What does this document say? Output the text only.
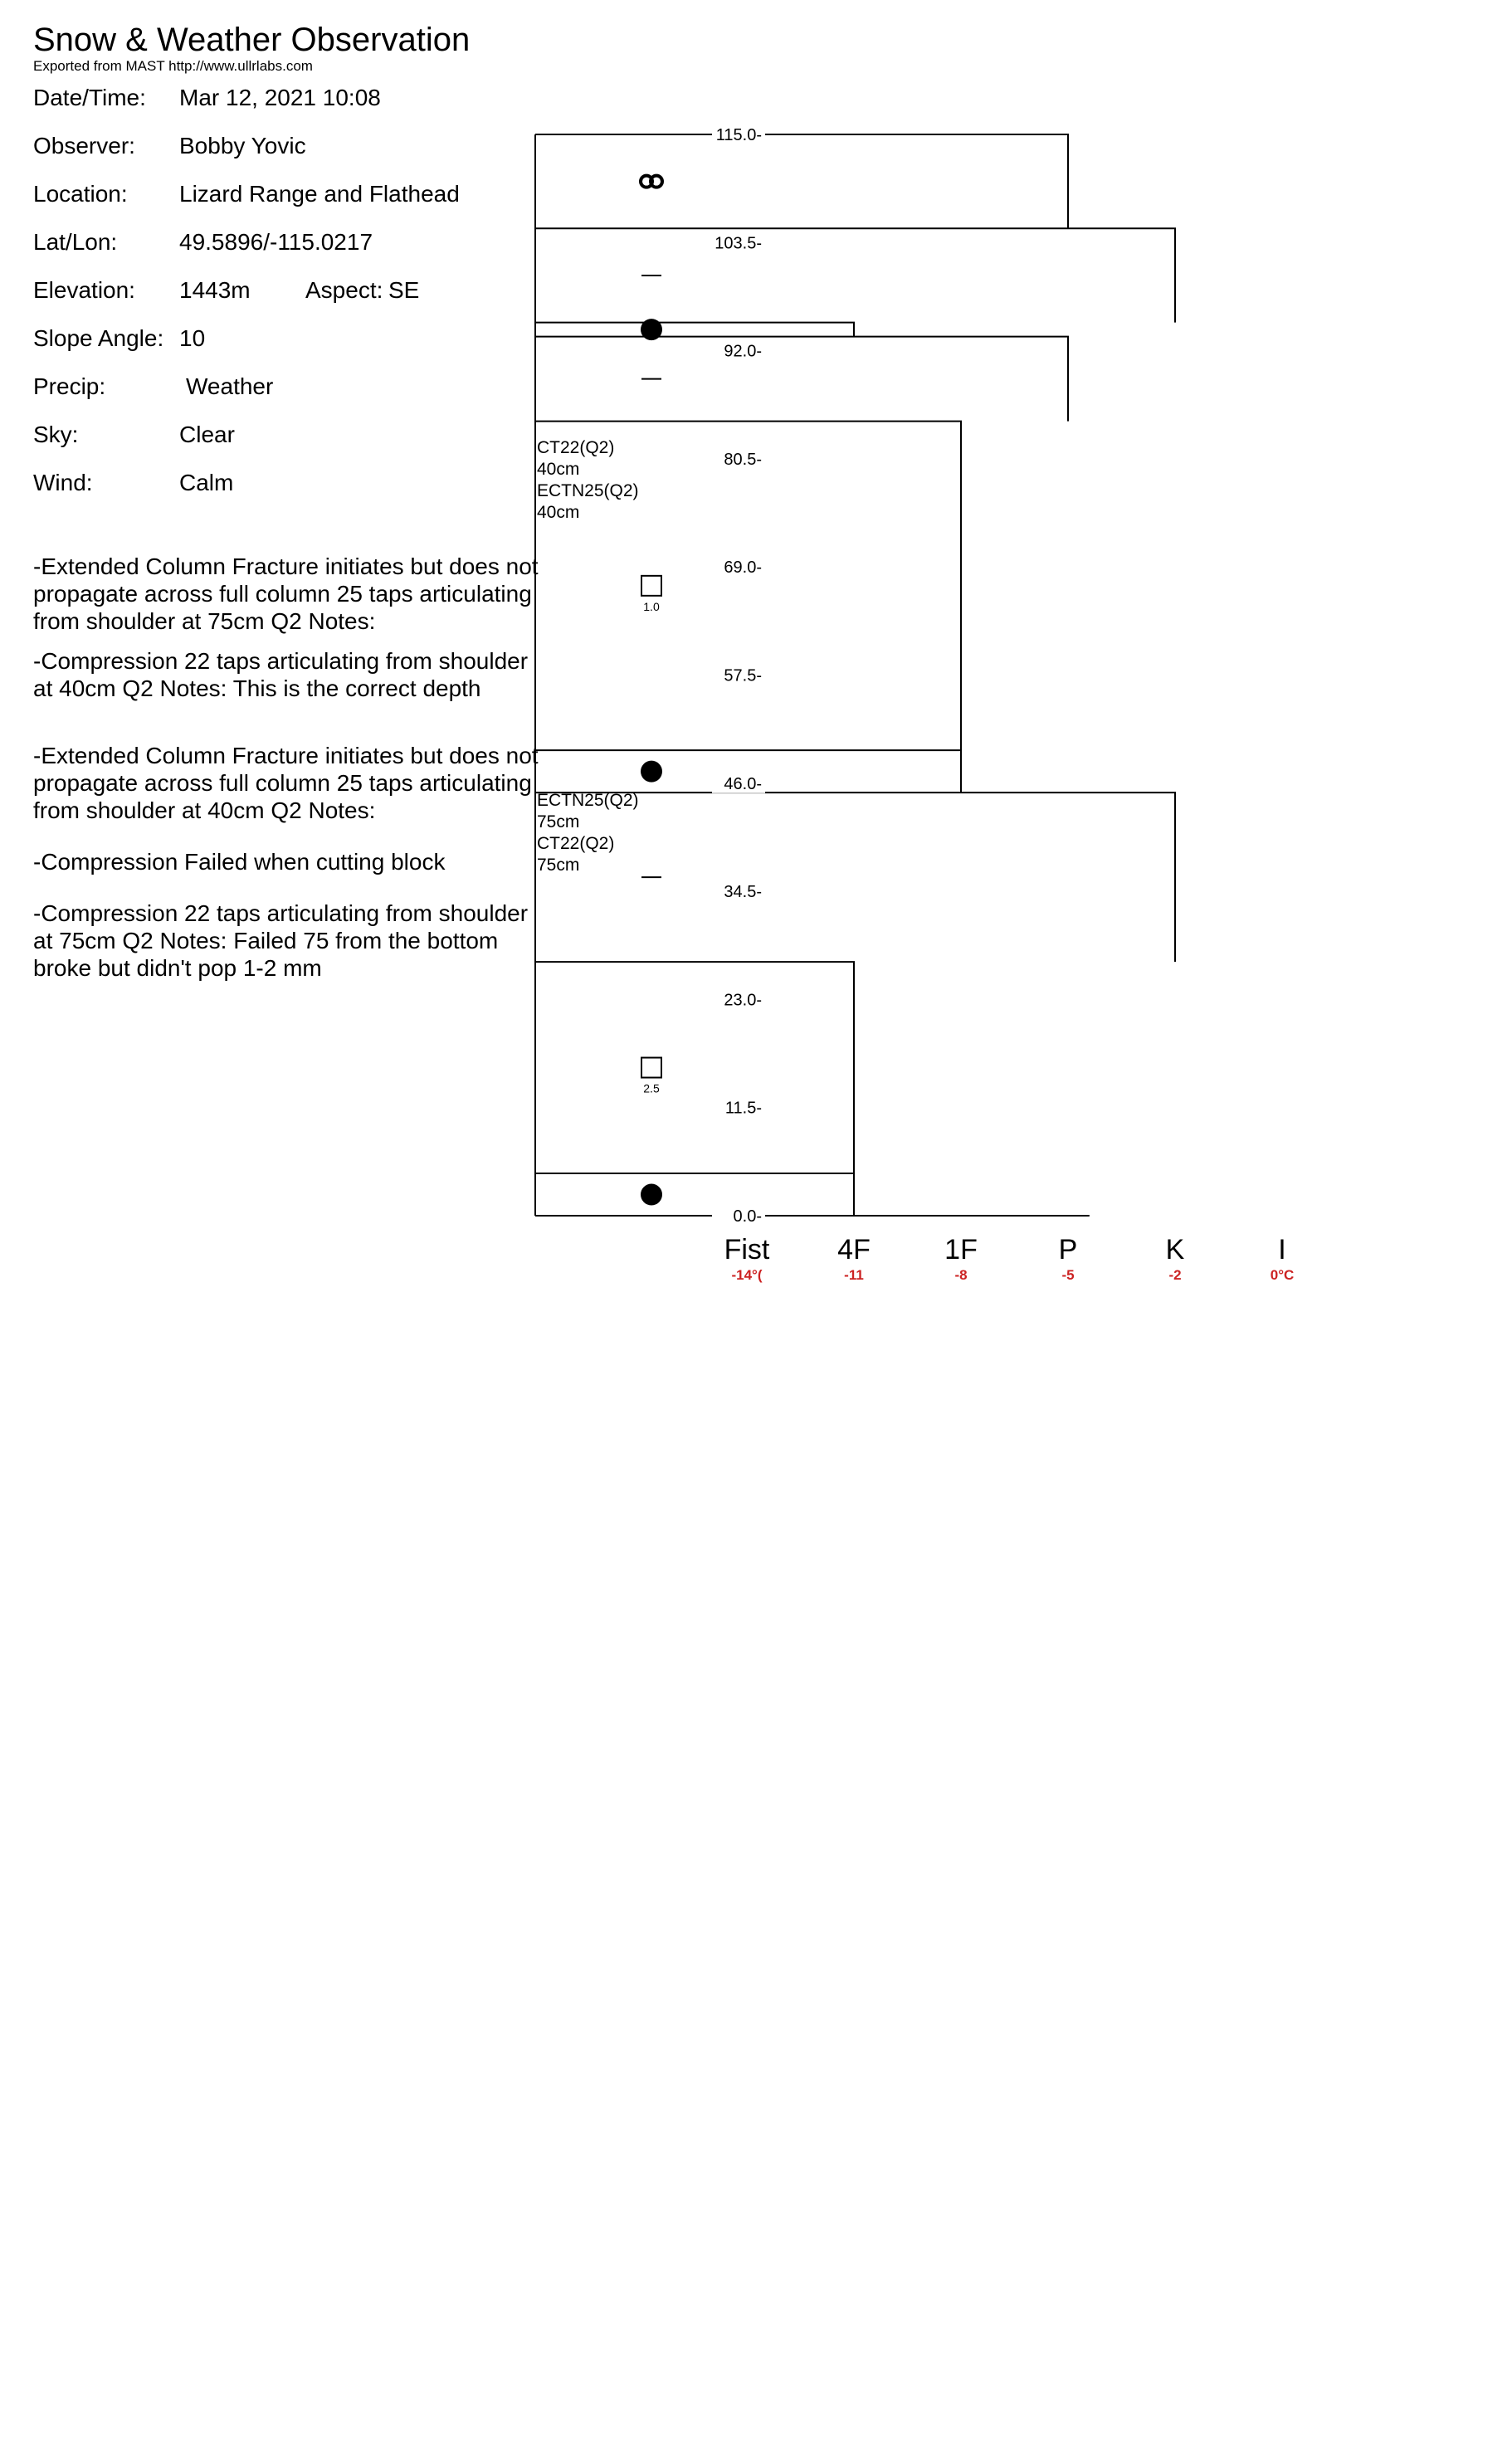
Snow & Weather Observation
Exported from MAST http://www.ullrlabs.com
Date/Time: Mar 12, 2021 10:08
Observer: Bobby Yovic
Location: Lizard Range and Flathead
Lat/Lon:	49.5896/-115.0217
Elevation: 1443m Aspect: SE
Slope Angle: 10
Precip:	Weather
Sky:	Clear
Wind:	Calm
-Extended Column Fracture initiates but does not propagate across full column 25 taps articulating from shoulder at 75cm Q2 Notes:
-Compression 22 taps articulating from shoulder at 40cm Q2 Notes: This is the correct depth
-Extended Column Fracture initiates but does not propagate across full column 25 taps articulating from shoulder at 40cm Q2 Notes:
-Compression Failed when cutting block
-Compression 22 taps articulating from shoulder at 75cm Q2 Notes: Failed 75 from the bottom broke but didn't pop 1-2 mm
1.0
2.5
115.0-
103.5-
92.0-
80.5-
69.0-
57.5-
46.0-
34.5-
23.0-
11.5-
0.0-
Fist
-14°(
4F
-11
1F
-8
P
-5
K
-2
I
0°C
CT22(Q2)
40cm
ECTN25(Q2)
40cm
ECTN25(Q2)
75cm
CT22(Q2)
75cm
